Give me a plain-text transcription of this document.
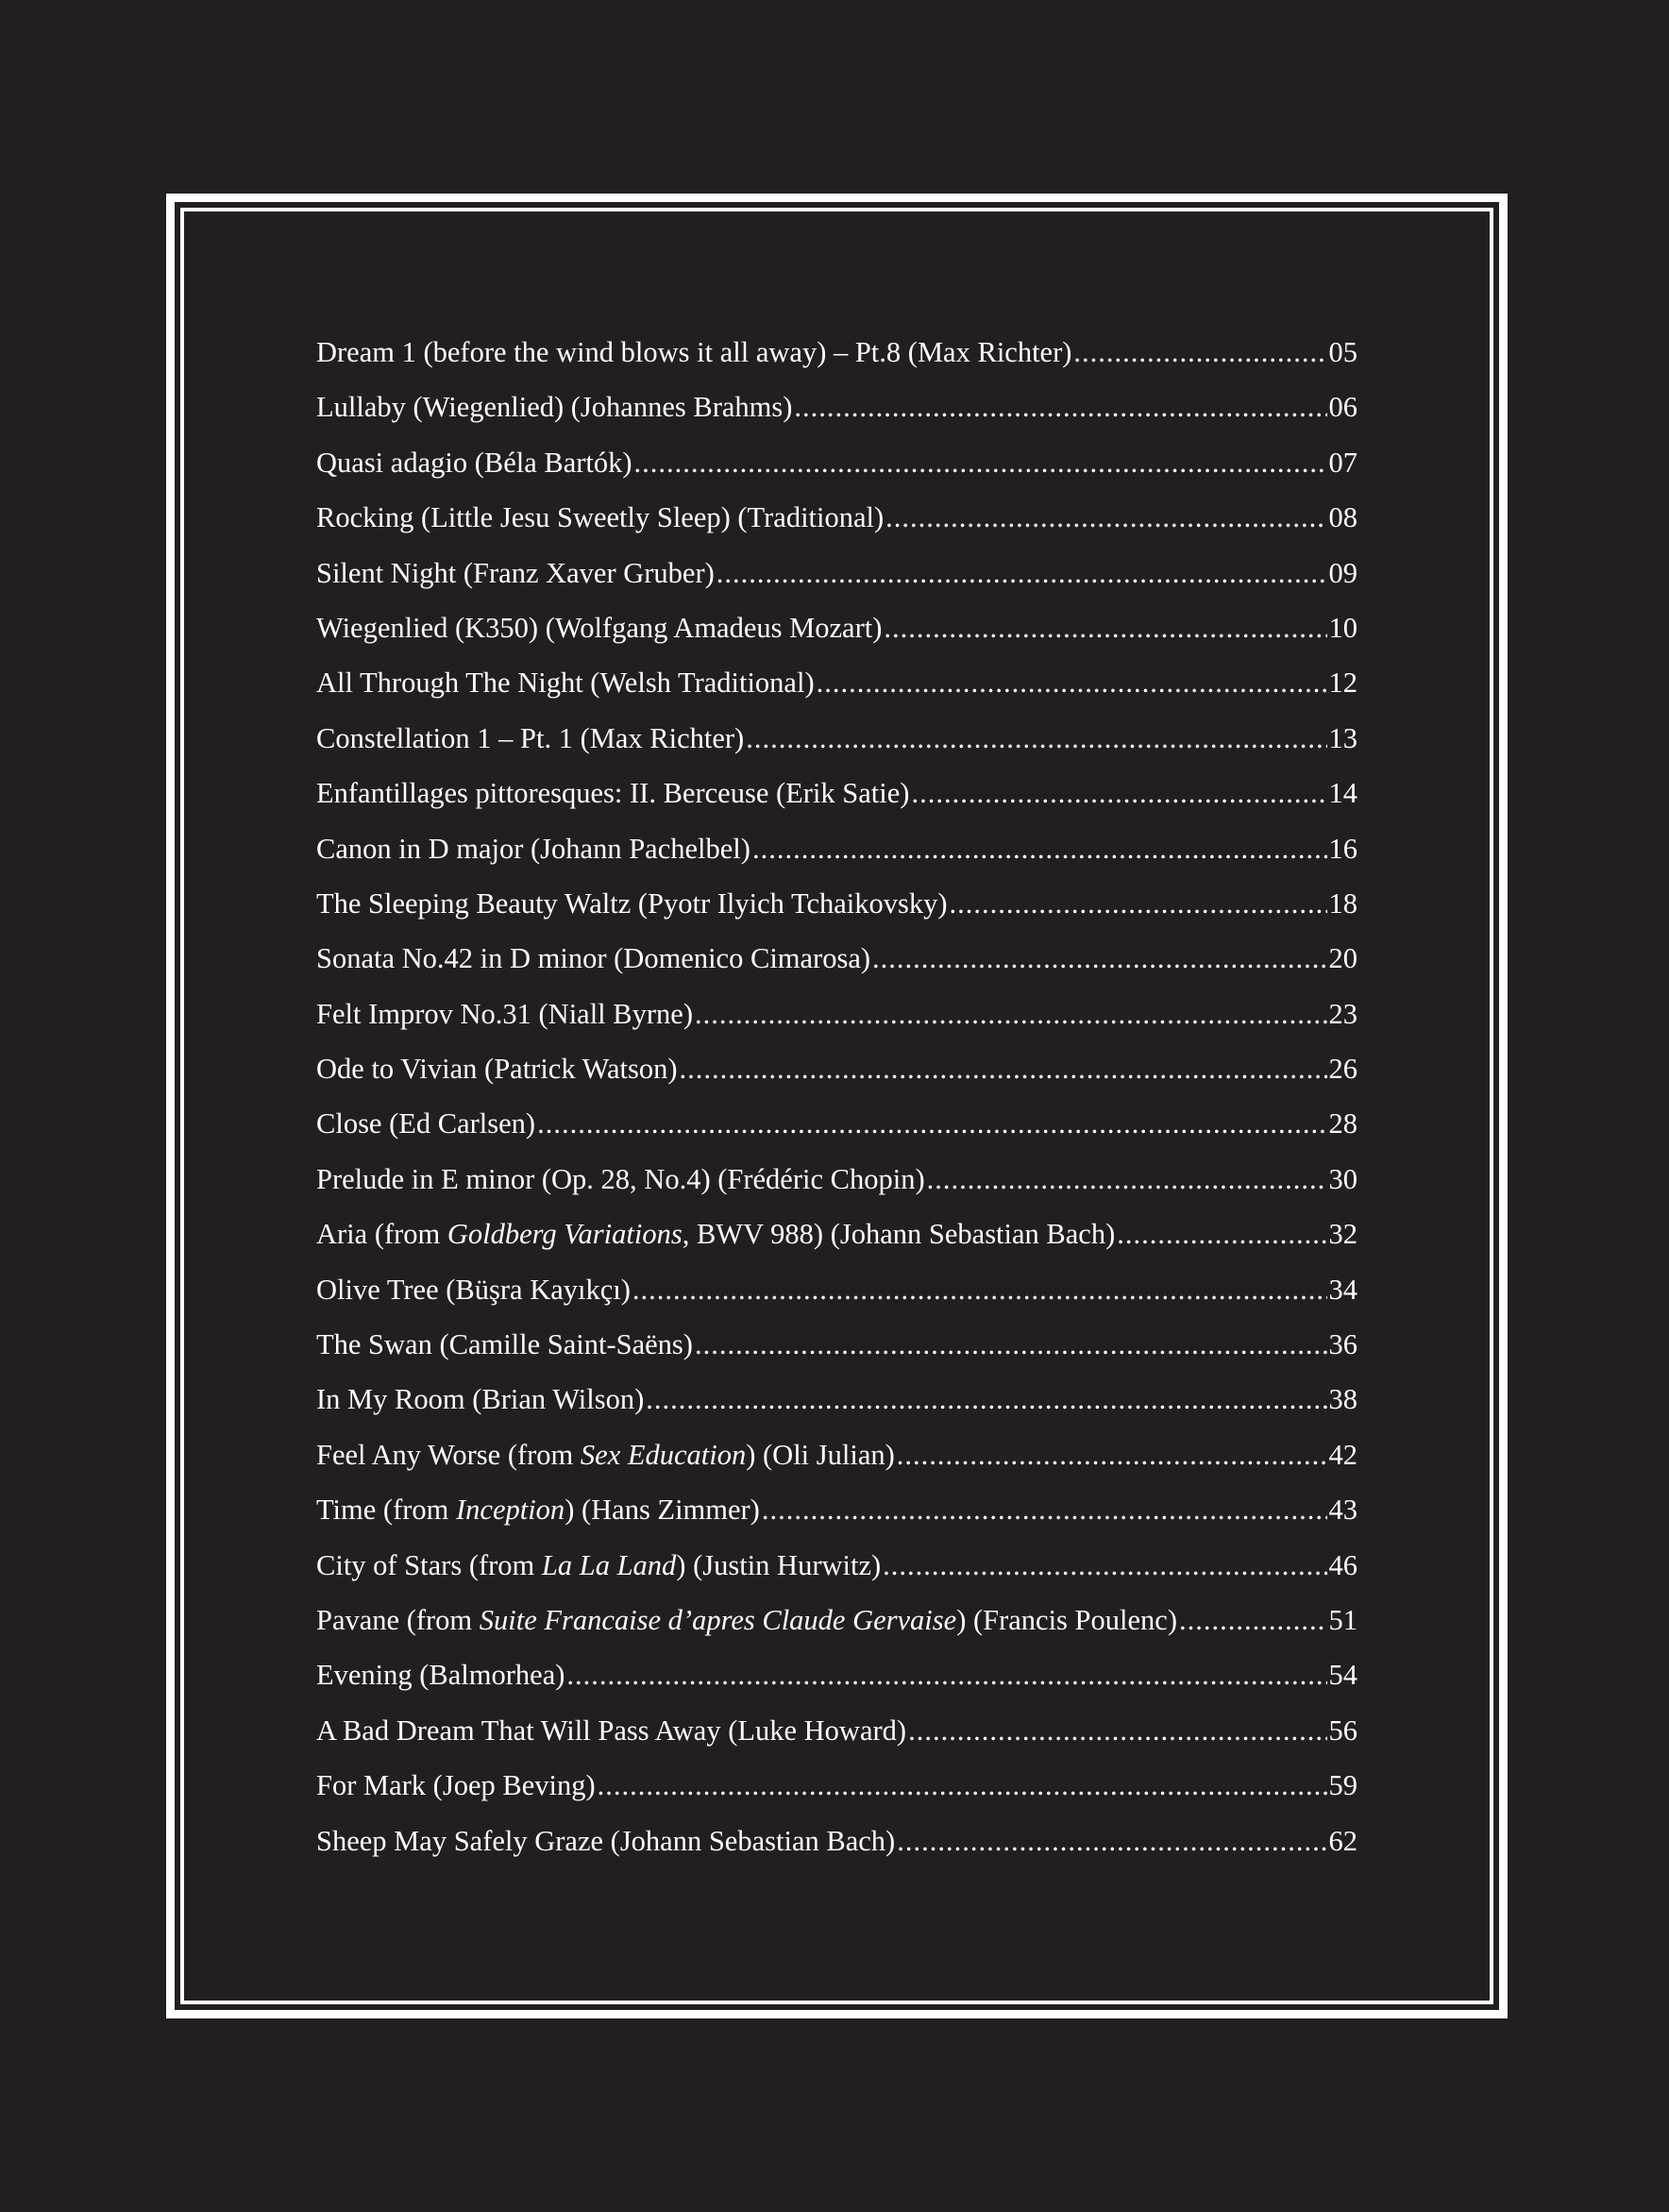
Dream 1 (before the wind blows it all away) – Pt.8 (Max Richter) .....	05
Lullaby (Wiegenlied) (Johannes Brahms) .....	06
Quasi adagio (Béla Bartók) .....	07
Rocking (Little Jesu Sweetly Sleep) (Traditional) .....	08
Silent Night (Franz Xaver Gruber) .....	09
Wiegenlied (K350) (Wolfgang Amadeus Mozart) .....	10
All Through The Night (Welsh Traditional) .....	12
Constellation 1 – Pt. 1 (Max Richter) .....	13
Enfantillages pittoresques: II. Berceuse (Erik Satie) .....	14
Canon in D major (Johann Pachelbel) .....	16
The Sleeping Beauty Waltz (Pyotr Ilyich Tchaikovsky) .....	18
Sonata No.42 in D minor (Domenico Cimarosa) .....	20
Felt Improv No.31 (Niall Byrne) .....	23
Ode to Vivian (Patrick Watson) .....	26
Close (Ed Carlsen) .....	28
Prelude in E minor (Op. 28, No.4) (Frédéric Chopin) .....	30
Aria (from Goldberg Variations, BWV 988) (Johann Sebastian Bach) .....	32
Olive Tree (Büşra Kayıkçı) .....	34
The Swan (Camille Saint-Saëns) .....	36
In My Room (Brian Wilson) .....	38
Feel Any Worse (from Sex Education) (Oli Julian) .....	42
Time (from Inception) (Hans Zimmer) .....	43
City of Stars (from La La Land) (Justin Hurwitz) .....	46
Pavane (from Suite Francaise d’apres Claude Gervaise) (Francis Poulenc) .....	51
Evening (Balmorhea) .....	54
A Bad Dream That Will Pass Away (Luke Howard) .....	56
For Mark (Joep Beving) .....	59
Sheep May Safely Graze (Johann Sebastian Bach) .....	62
